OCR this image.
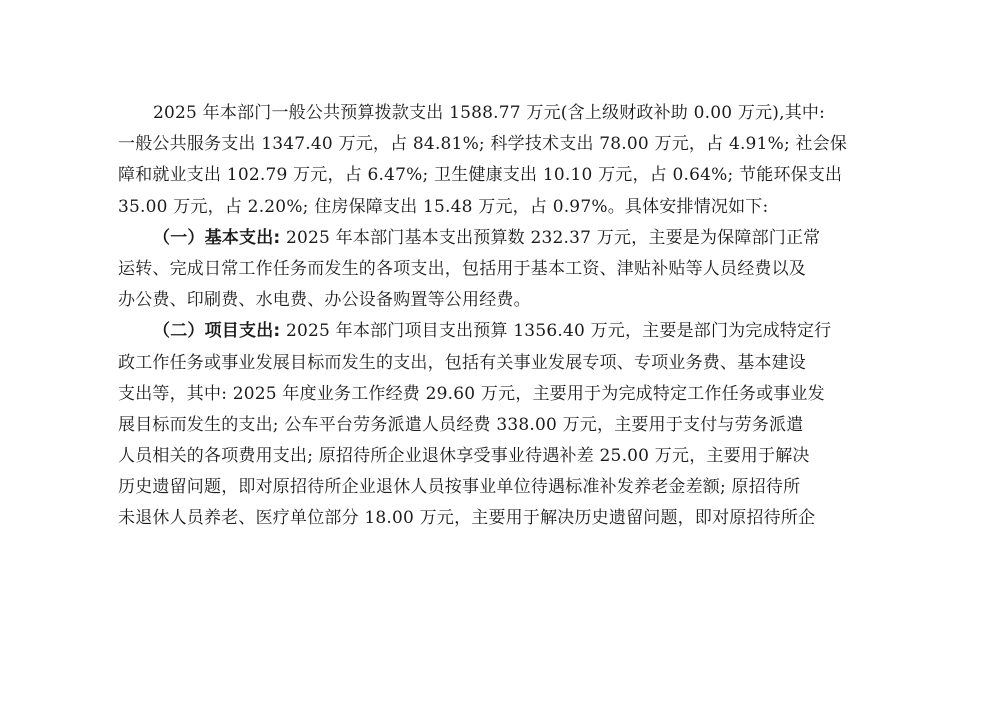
2025 年本部门一般公共预算拨款支出 1588.77 万元(含上级财政补助 0.00 万元),其中:
一般公共服务支出 1347.40 万元，占 84.81%; 科学技术支出 78.00 万元，占 4.91%; 社会保
障和就业支出 102.79 万元，占 6.47%; 卫生健康支出 10.10 万元，占 0.64%; 节能环保支出
35.00 万元，占 2.20%; 住房保障支出 15.48 万元，占 0.97%。具体安排情况如下:
（一）基本支出: 2025 年本部门基本支出预算数 232.37 万元，主要是为保障部门正常
运转、完成日常工作任务而发生的各项支出，包括用于基本工资、津贴补贴等人员经费以及
办公费、印刷费、水电费、办公设备购置等公用经费。
（二）项目支出: 2025 年本部门项目支出预算 1356.40 万元，主要是部门为完成特定行
政工作任务或事业发展目标而发生的支出，包括有关事业发展专项、专项业务费、基本建设
支出等，其中: 2025 年度业务工作经费 29.60 万元，主要用于为完成特定工作任务或事业发
展目标而发生的支出; 公车平台劳务派遣人员经费 338.00 万元，主要用于支付与劳务派遣
人员相关的各项费用支出; 原招待所企业退休享受事业待遇补差 25.00 万元，主要用于解决
历史遗留问题，即对原招待所企业退休人员按事业单位待遇标准补发养老金差额; 原招待所
未退休人员养老、医疗单位部分 18.00 万元，主要用于解决历史遗留问题，即对原招待所企
